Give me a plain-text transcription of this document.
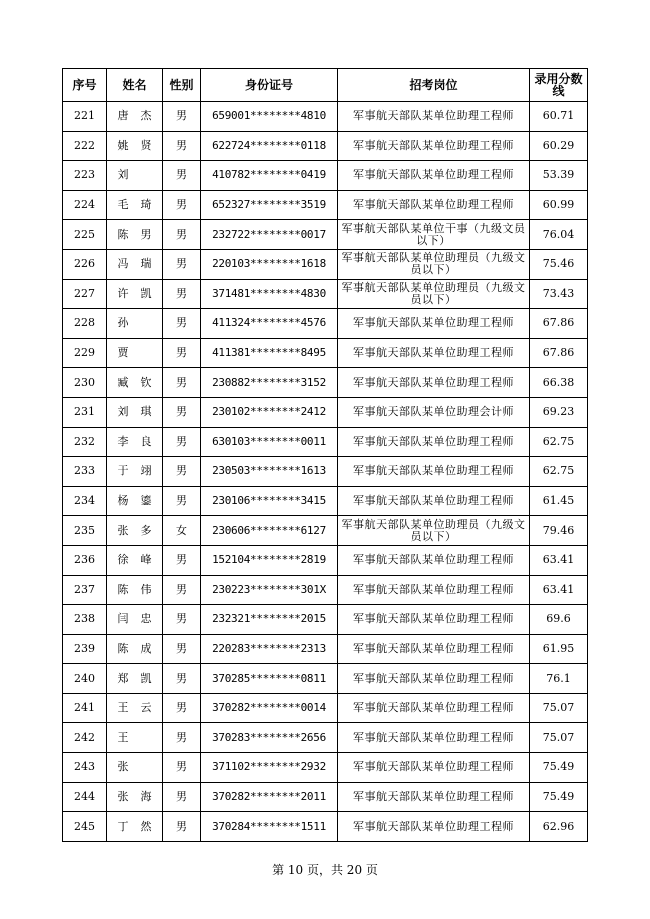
序号	姓名	性别	身份证号	招考岗位	录用分数线
221	唐 杰	男	659001********4810	军事航天部队某单位助理工程师	60.71
222	姚 贤	男	622724********0118	军事航天部队某单位助理工程师	60.29
223	刘	男	410782********0419	军事航天部队某单位助理工程师	53.39
224	毛 琦	男	652327********3519	军事航天部队某单位助理工程师	60.99
225	陈 男	男	232722********0017	军事航天部队某单位干事（九级文员以下）	76.04
226	冯 瑞	男	220103********1618	军事航天部队某单位助理员（九级文员以下）	75.46
227	许 凯	男	371481********4830	军事航天部队某单位助理员（九级文员以下）	73.43
228	孙	男	411324********4576	军事航天部队某单位助理工程师	67.86
229	贾	男	411381********8495	军事航天部队某单位助理工程师	67.86
230	臧 钦	男	230882********3152	军事航天部队某单位助理工程师	66.38
231	刘 琪	男	230102********2412	军事航天部队某单位助理会计师	69.23
232	李 良	男	630103********0011	军事航天部队某单位助理工程师	62.75
233	于 翊	男	230503********1613	军事航天部队某单位助理工程师	62.75
234	杨 鎏	男	230106********3415	军事航天部队某单位助理工程师	61.45
235	张 多	女	230606********6127	军事航天部队某单位助理员（九级文员以下）	79.46
236	徐 峰	男	152104********2819	军事航天部队某单位助理工程师	63.41
237	陈 伟	男	230223********301X	军事航天部队某单位助理工程师	63.41
238	闫 忠	男	232321********2015	军事航天部队某单位助理工程师	69.6
239	陈 成	男	220283********2313	军事航天部队某单位助理工程师	61.95
240	郑 凯	男	370285********0811	军事航天部队某单位助理工程师	76.1
241	王 云	男	370282********0014	军事航天部队某单位助理工程师	75.07
242	王	男	370283********2656	军事航天部队某单位助理工程师	75.07
243	张	男	371102********2932	军事航天部队某单位助理工程师	75.49
244	张 海	男	370282********2011	军事航天部队某单位助理工程师	75.49
245	丁 然	男	370284********1511	军事航天部队某单位助理工程师	62.96
第 10 页，共 20 页
